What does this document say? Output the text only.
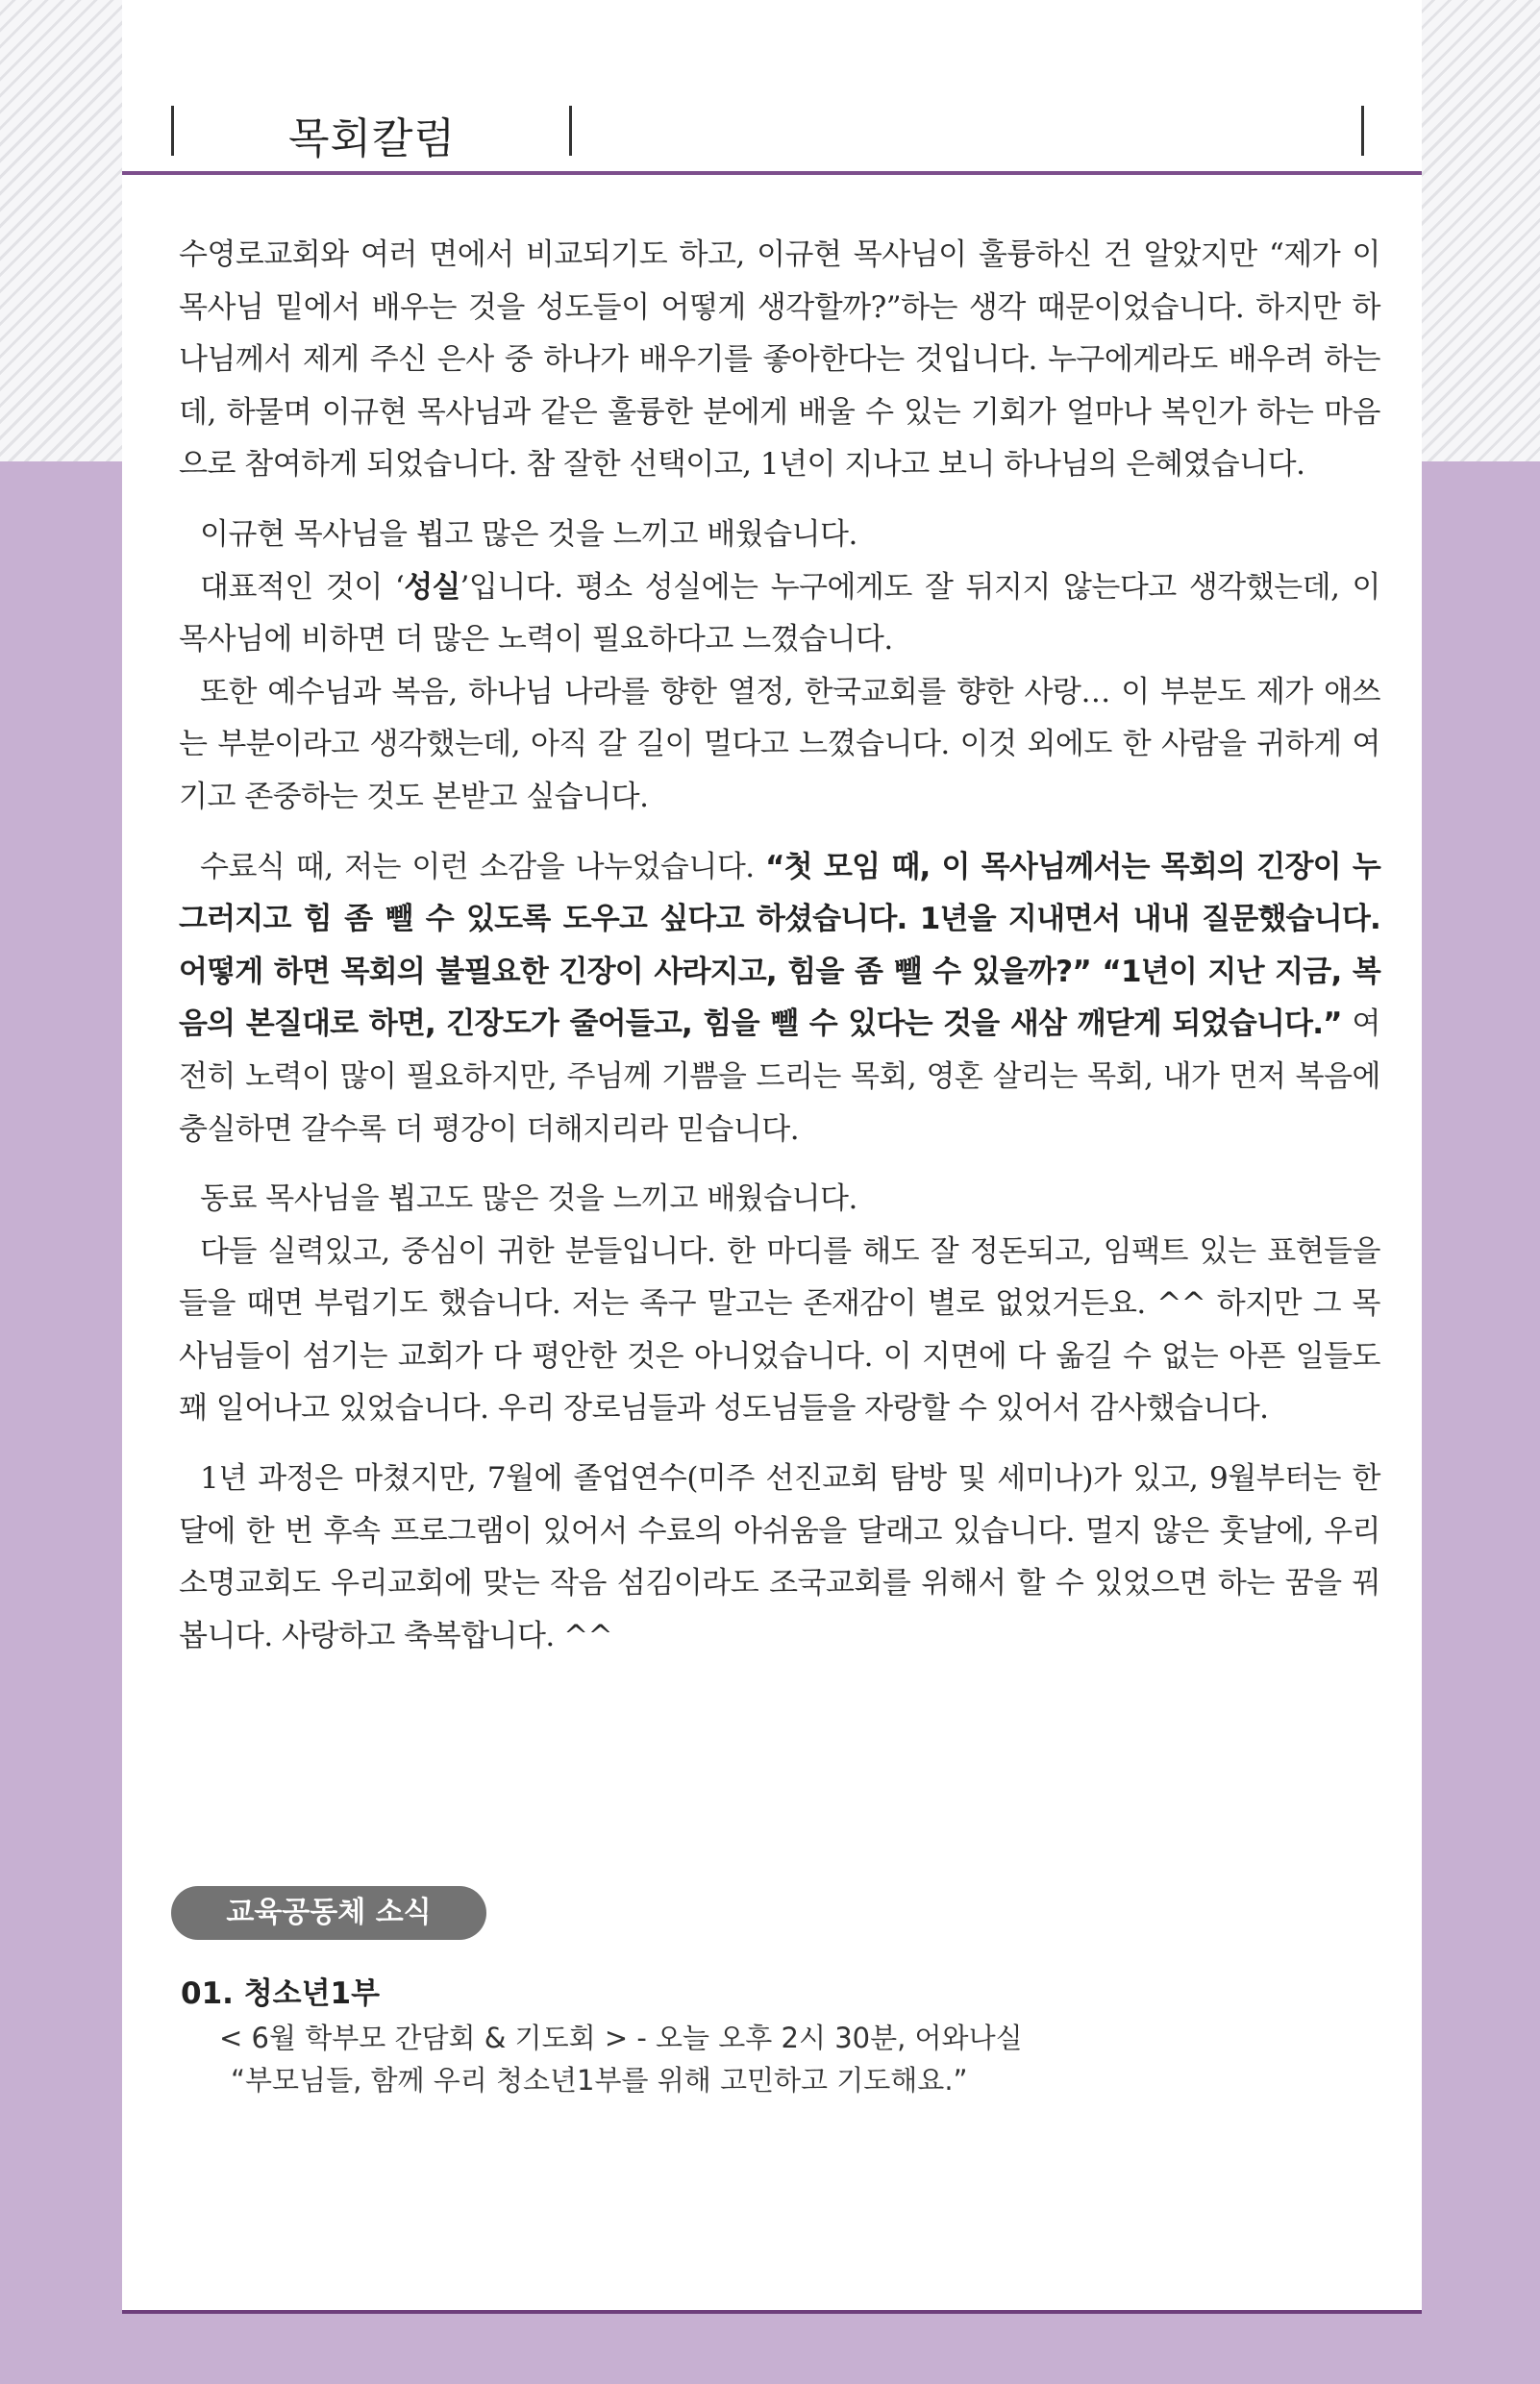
목회칼럼

수영로교회와 여러 면에서 비교되기도 하고, 이규현 목사님이 훌륭하신 건 알았지만 “제가 이 목사님 밑에서 배우는 것을 성도들이 어떻게 생각할까?”하는 생각 때문이었습니다. 하지만 하나님께서 제게 주신 은사 중 하나가 배우기를 좋아한다는 것입니다. 누구에게라도 배우려 하는데, 하물며 이규현 목사님과 같은 훌륭한 분에게 배울 수 있는 기회가 얼마나 복인가 하는 마음으로 참여하게 되었습니다. 참 잘한 선택이고, 1년이 지나고 보니 하나님의 은혜였습니다.

이규현 목사님을 뵙고 많은 것을 느끼고 배웠습니다.

대표적인 것이 ‘성실’입니다. 평소 성실에는 누구에게도 잘 뒤지지 않는다고 생각했는데, 이 목사님에 비하면 더 많은 노력이 필요하다고 느꼈습니다.

또한 예수님과 복음, 하나님 나라를 향한 열정, 한국교회를 향한 사랑… 이 부분도 제가 애쓰는 부분이라고 생각했는데, 아직 갈 길이 멀다고 느꼈습니다. 이것 외에도 한 사람을 귀하게 여기고 존중하는 것도 본받고 싶습니다.

수료식 때, 저는 이런 소감을 나누었습니다. “첫 모임 때, 이 목사님께서는 목회의 긴장이 누그러지고 힘 좀 뺄 수 있도록 도우고 싶다고 하셨습니다. 1년을 지내면서 내내 질문했습니다. 어떻게 하면 목회의 불필요한 긴장이 사라지고, 힘을 좀 뺄 수 있을까?” “1년이 지난 지금, 복음의 본질대로 하면, 긴장도가 줄어들고, 힘을 뺄 수 있다는 것을 새삼 깨닫게 되었습니다.” 여전히 노력이 많이 필요하지만, 주님께 기쁨을 드리는 목회, 영혼 살리는 목회, 내가 먼저 복음에 충실하면 갈수록 더 평강이 더해지리라 믿습니다.

동료 목사님을 뵙고도 많은 것을 느끼고 배웠습니다.

다들 실력있고, 중심이 귀한 분들입니다. 한 마디를 해도 잘 정돈되고, 임팩트 있는 표현들을 들을 때면 부럽기도 했습니다. 저는 족구 말고는 존재감이 별로 없었거든요. ^^ 하지만 그 목사님들이 섬기는 교회가 다 평안한 것은 아니었습니다. 이 지면에 다 옮길 수 없는 아픈 일들도 꽤 일어나고 있었습니다. 우리 장로님들과 성도님들을 자랑할 수 있어서 감사했습니다.

1년 과정은 마쳤지만, 7월에 졸업연수(미주 선진교회 탐방 및 세미나)가 있고, 9월부터는 한 달에 한 번 후속 프로그램이 있어서 수료의 아쉬움을 달래고 있습니다. 멀지 않은 훗날에, 우리 소명교회도 우리교회에 맞는 작음 섬김이라도 조국교회를 위해서 할 수 있었으면 하는 꿈을 꿔봅니다. 사랑하고 축복합니다. ^^

교육공동체 소식
01. 청소년1부
< 6월 학부모 간담회 & 기도회 > - 오늘 오후 2시 30분, 어와나실
“부모님들, 함께 우리 청소년1부를 위해 고민하고 기도해요.”
